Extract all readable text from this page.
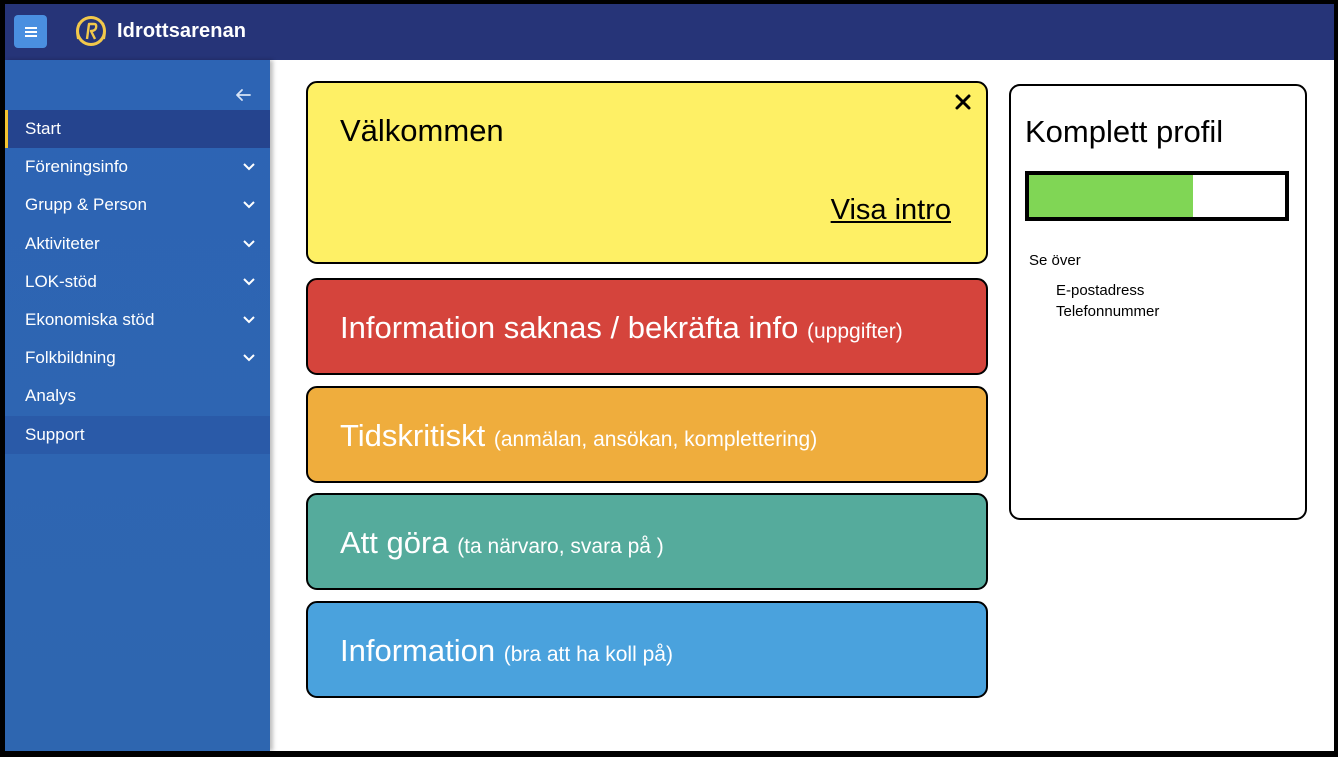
Idrottsarenan
Start
Föreningsinfo
Grupp & Person
Aktiviteter
LOK-stöd
Ekonomiska stöd
Folkbildning
Analys
Support
Välkommen
Visa intro
Information saknas / bekräfta info (uppgifter)
Tidskritiskt (anmälan, ansökan, komplettering)
Att göra (ta närvaro, svara på )
Information (bra att ha koll på)
Komplett profil
Se över
E-postadress
Telefonnummer
